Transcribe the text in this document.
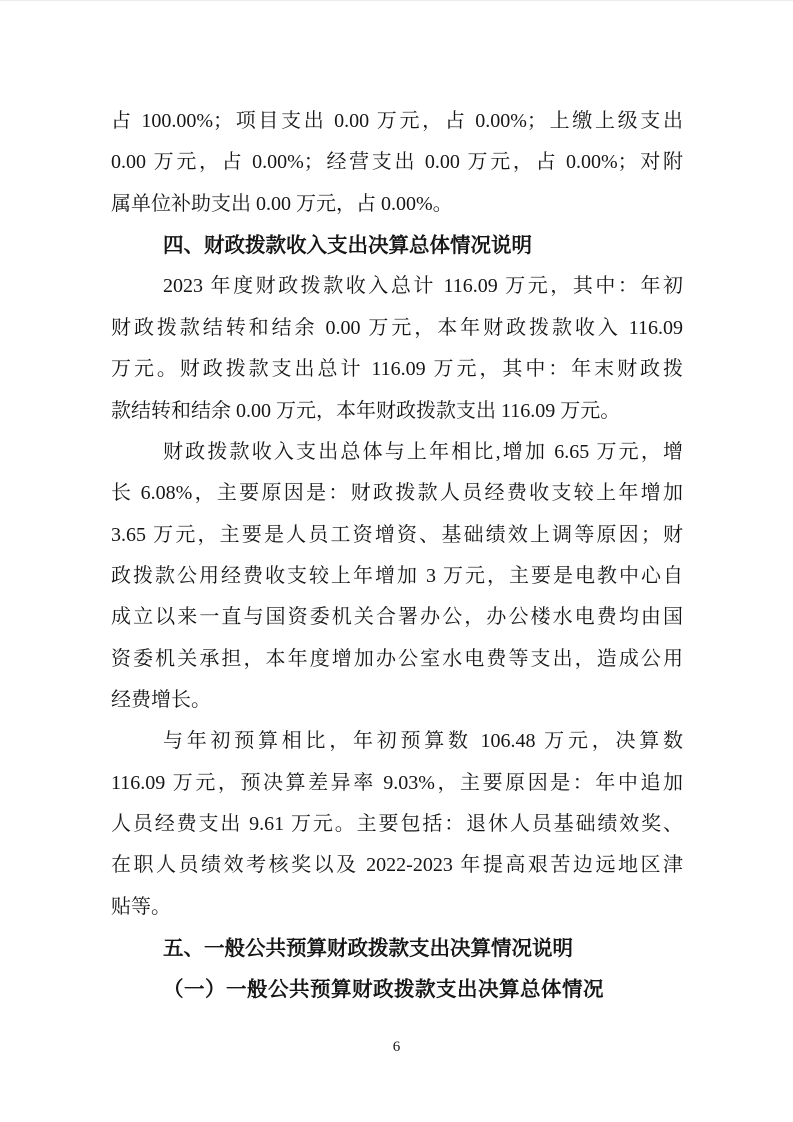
占 100.00%；项目支出 0.00 万元，占 0.00%；上缴上级支出
0.00 万元，占 0.00%；经营支出 0.00 万元，占 0.00%；对附
属单位补助支出 0.00 万元，占 0.00%。
四、财政拨款收入支出决算总体情况说明
2023 年度财政拨款收入总计 116.09 万元，其中：年初
财政拨款结转和结余 0.00 万元，本年财政拨款收入 116.09
万元。财政拨款支出总计 116.09 万元，其中：年末财政拨
款结转和结余 0.00 万元，本年财政拨款支出 116.09 万元。
财政拨款收入支出总体与上年相比,增加 6.65 万元，增
长 6.08%，主要原因是：财政拨款人员经费收支较上年增加
3.65 万元，主要是人员工资增资、基础绩效上调等原因；财
政拨款公用经费收支较上年增加 3 万元，主要是电教中心自
成立以来一直与国资委机关合署办公，办公楼水电费均由国
资委机关承担，本年度增加办公室水电费等支出，造成公用
经费增长。
与年初预算相比，年初预算数 106.48 万元，决算数
116.09 万元，预决算差异率 9.03%，主要原因是：年中追加
人员经费支出 9.61 万元。主要包括：退休人员基础绩效奖、
在职人员绩效考核奖以及 2022-2023 年提高艰苦边远地区津
贴等。
五、一般公共预算财政拨款支出决算情况说明
（一）一般公共预算财政拨款支出决算总体情况
6
